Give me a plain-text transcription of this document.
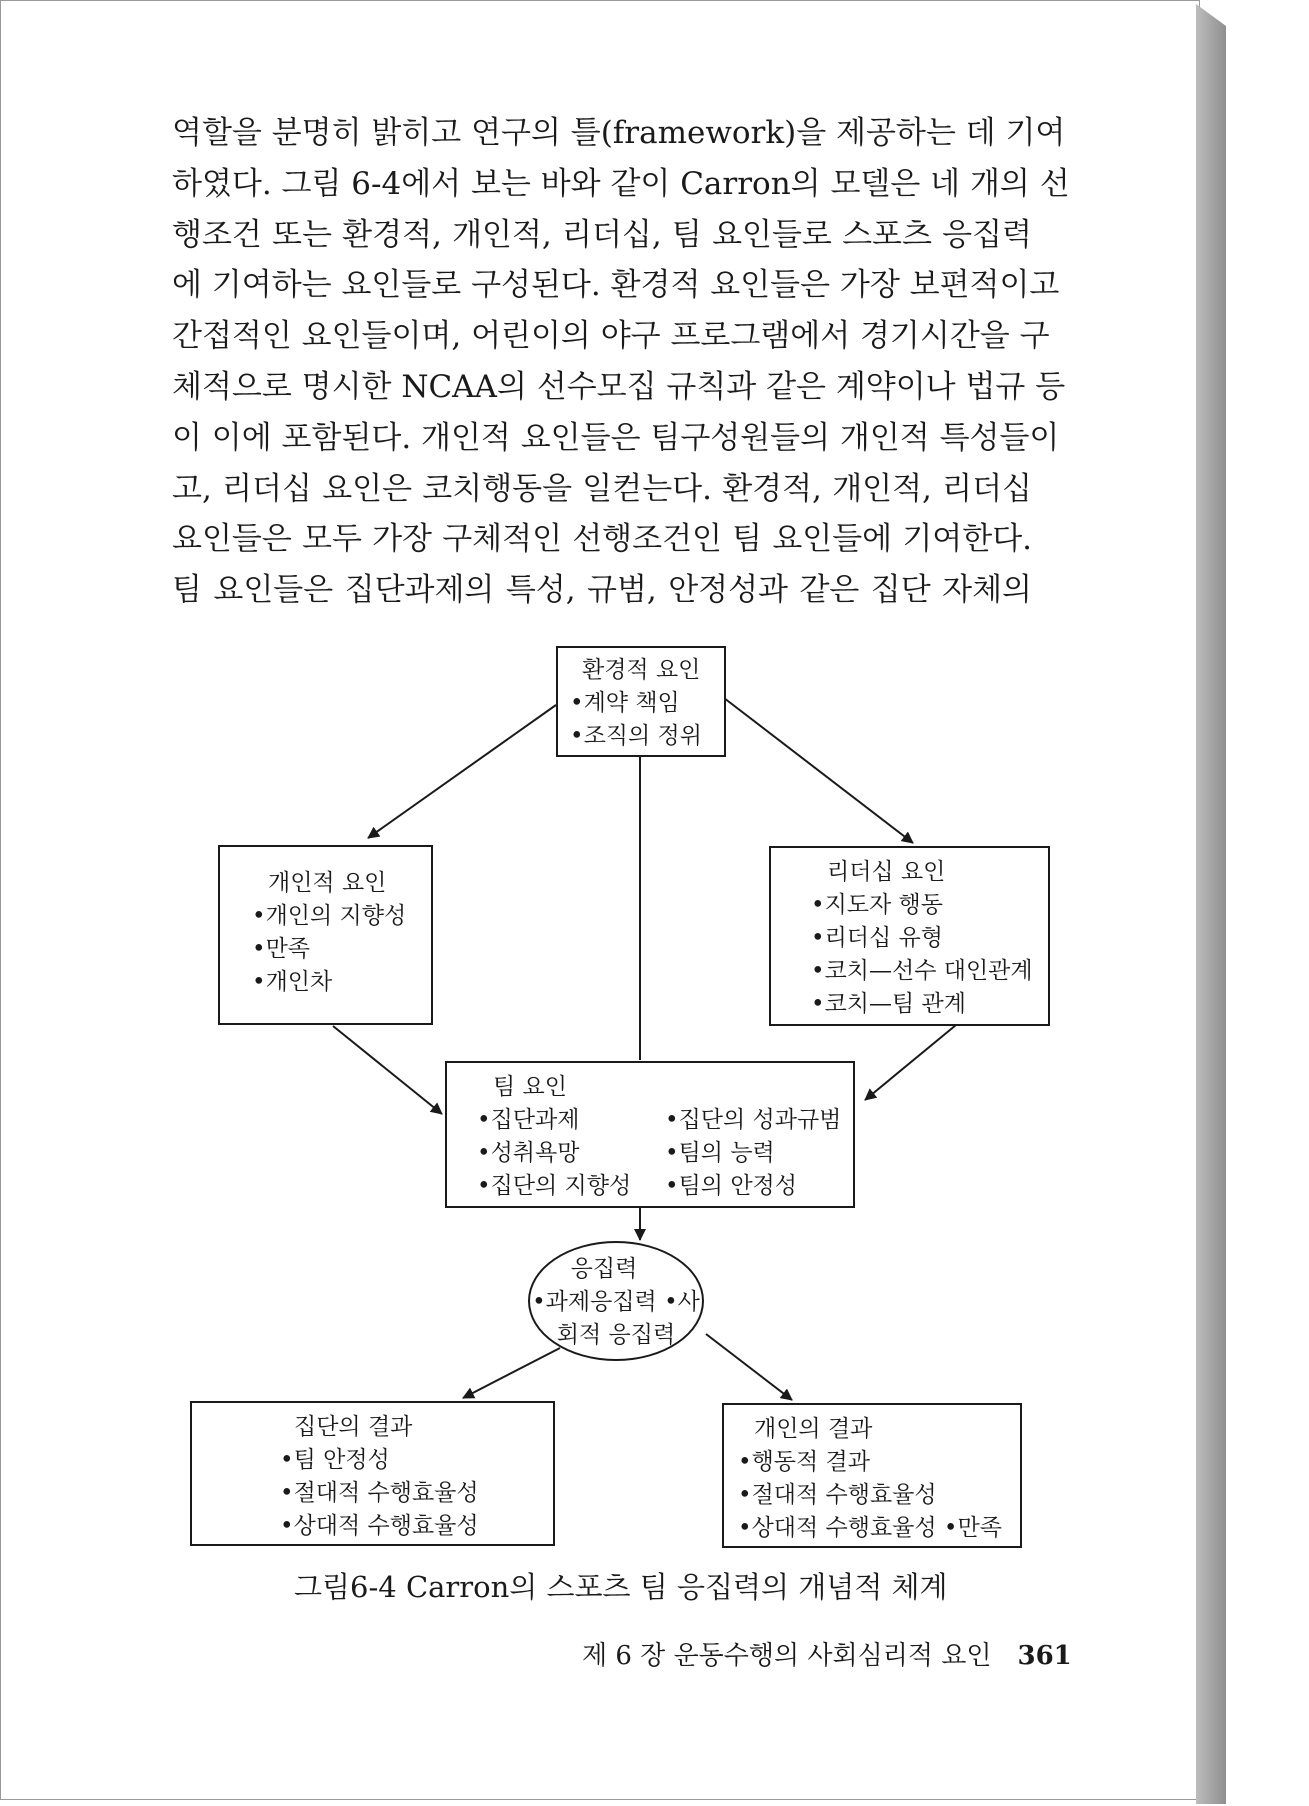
역할을 분명히 밝히고 연구의 틀(framework)을 제공하는 데 기여
하였다. 그림 6-4에서 보는 바와 같이 Carron의 모델은 네 개의 선
행조건 또는 환경적, 개인적, 리더십, 팀 요인들로 스포츠 응집력
에 기여하는 요인들로 구성된다. 환경적 요인들은 가장 보편적이고
간접적인 요인들이며, 어린이의 야구 프로그램에서 경기시간을 구
체적으로 명시한 NCAA의 선수모집 규칙과 같은 계약이나 법규 등
이 이에 포함된다. 개인적 요인들은 팀구성원들의 개인적 특성들이
고, 리더십 요인은 코치행동을 일컫는다. 환경적, 개인적, 리더십
요인들은 모두 가장 구체적인 선행조건인 팀 요인들에 기여한다.
팀 요인들은 집단과제의 특성, 규범, 안정성과 같은 집단 자체의
환경적 요인
•계약 책임
•조직의 정위
개인적 요인
•개인의 지향성
•만족
•개인차
리더십 요인
•지도자 행동
•리더십 유형
•코치—선수 대인관계
•코치—팀 관계
팀 요인
•집단과제
•성취욕망
•집단의 지향성
•집단의 성과규범
•팀의 능력
•팀의 안정성
응집력
•과제응집력 •사회적 응집력
집단의 결과
•팀 안정성
•절대적 수행효율성
•상대적 수행효율성
개인의 결과
•행동적 결과
•절대적 수행효율성
•상대적 수행효율성 •만족
그림6-4 Carron의 스포츠 팀 응집력의 개념적 체계
제 6 장 운동수행의 사회심리적 요인 361
